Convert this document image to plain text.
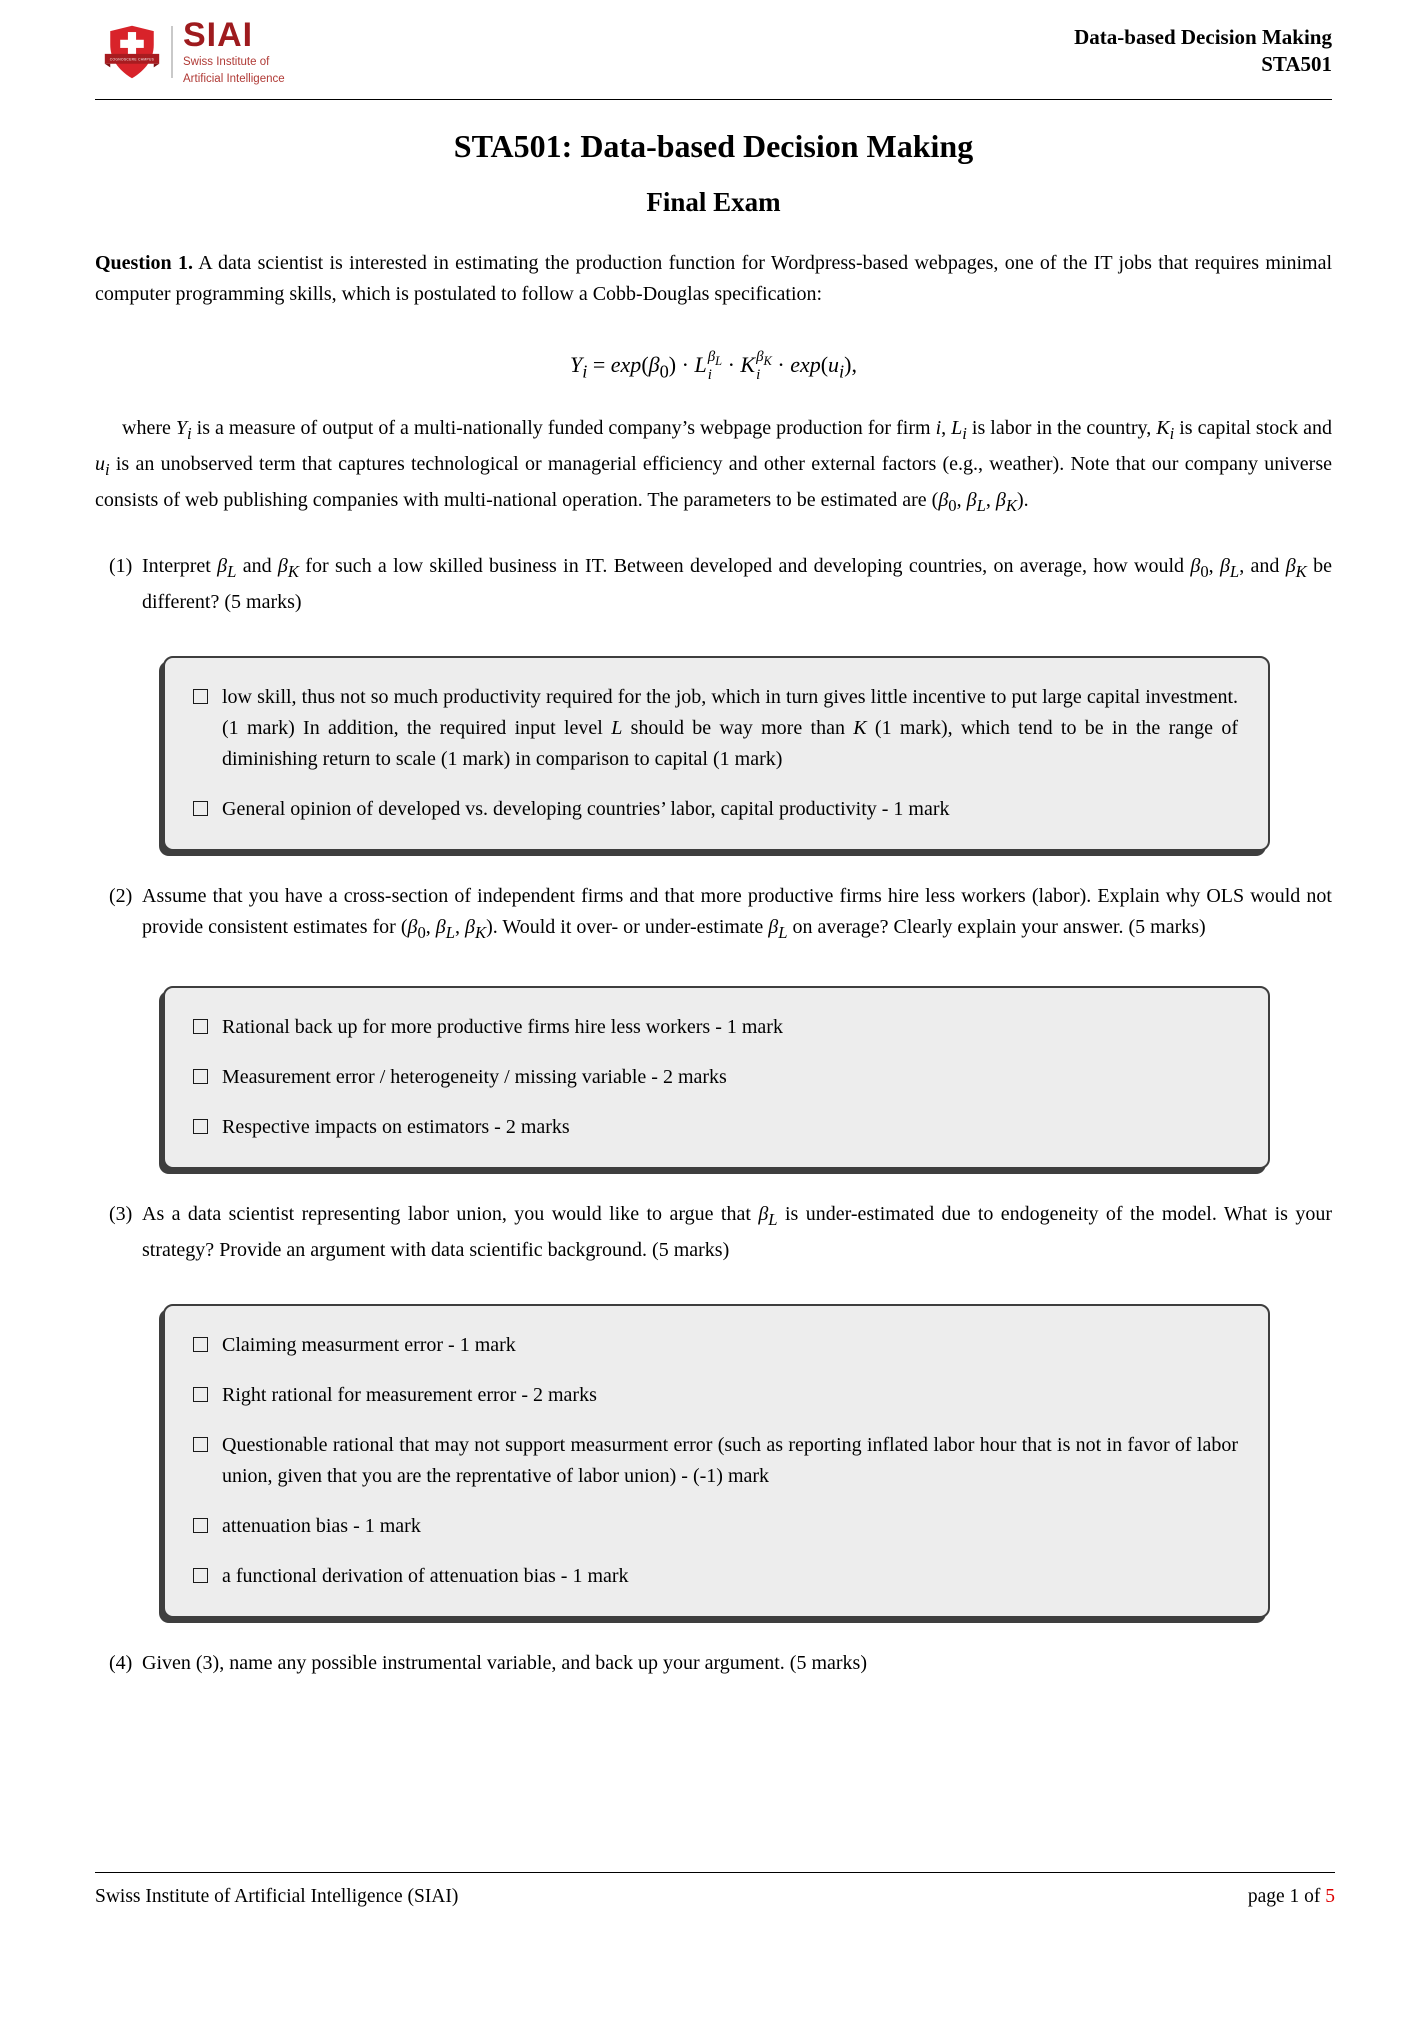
COGNOSCERE CAMPUS
SIAI
Swiss Institute of
Artificial Intelligence
Data-based Decision Making
STA501
STA501: Data-based Decision Making
Final Exam

Question 1. A data scientist is interested in estimating the production function for Wordpress-based webpages, one of the IT jobs that requires minimal computer programming skills, which is postulated to follow a Cobb-Douglas specification:

$Y_i = \exp(\beta_0) \cdot L$ $\beta_L$
i · K $\beta_K$
$i \cdot \exp(u_i)$,

where $Y_i$ is a measure of output of a multi-nationally funded company’s webpage production for firm i, $L_i$ is labor in the country, $K_i$ is capital stock and $u_i$ is an unobserved term that captures technological or managerial efficiency and other external factors (e.g., weather). Note that our company universe consists of web publishing companies with multi-national operation. The parameters to be estimated are ($\beta_0$, $\beta_L$, $\beta_K$).

(1) Interpret $\beta_L$ and $\beta_K$ for such a low skilled business in IT. Between developed and developing countries, on average, how would $\beta_0$, $\beta_L$, and $\beta_K$ be different? (5 marks)
low skill, thus not so much productivity required for the job, which in turn gives little incentive to put large capital investment. (1 mark) In addition, the required input level L should be way more than K (1 mark), which tend to be in the range of diminishing return to scale (1 mark) in comparison to capital (1 mark)
General opinion of developed vs. developing countries’ labor, capital productivity - 1 mark
(2) Assume that you have a cross-section of independent firms and that more productive firms hire less workers (labor). Explain why OLS would not provide consistent estimates for ($\beta_0$, $\beta_L$, $\beta_K$). Would it over- or under-estimate $\beta_L$ on average? Clearly explain your answer. (5 marks)
Rational back up for more productive firms hire less workers - 1 mark
Measurement error / heterogeneity / missing variable - 2 marks
Respective impacts on estimators - 2 marks
(3) As a data scientist representing labor union, you would like to argue that $\beta_L$ is under-estimated due to endogeneity of the model. What is your strategy? Provide an argument with data scientific background. (5 marks)
Claiming measurment error - 1 mark
Right rational for measurement error - 2 marks
Questionable rational that may not support measurment error (such as reporting inflated labor hour that is not in favor of labor union, given that you are the reprentative of labor union) - (-1) mark
attenuation bias - 1 mark
a functional derivation of attenuation bias - 1 mark
(4) Given (3), name any possible instrumental variable, and back up your argument. (5 marks)
Swiss Institute of Artificial Intelligence (SIAI)	page 1 of 5
